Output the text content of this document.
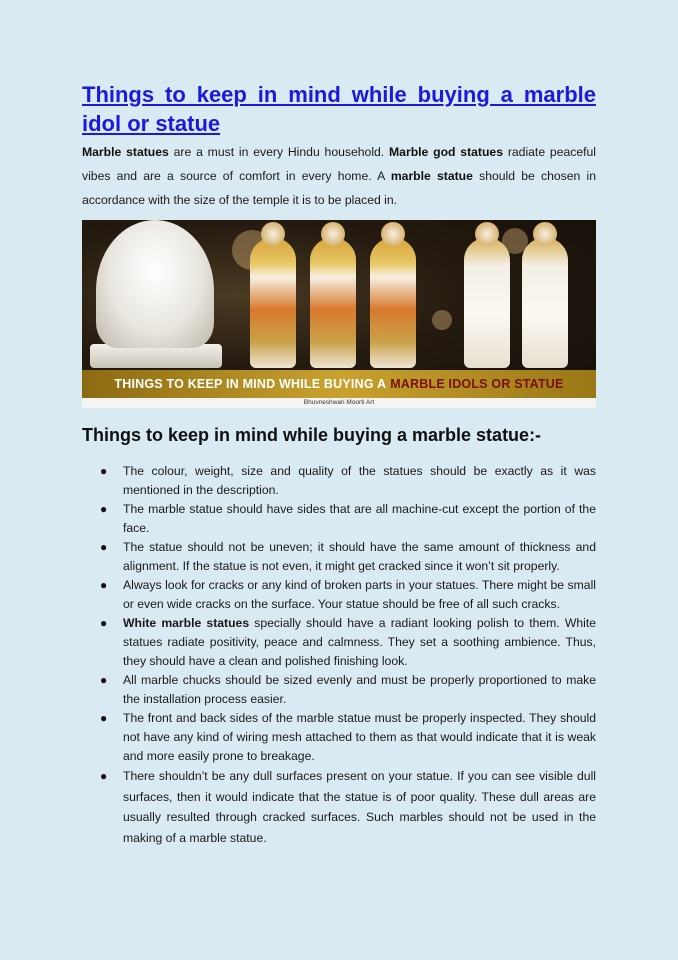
Things to keep in mind while buying a marble idol or statue

Marble statues are a must in every Hindu household. Marble god statues radiate peaceful vibes and are a source of comfort in every home. A marble statue should be chosen in accordance with the size of the temple it is to be placed in.

THINGS TO KEEP IN MIND WHILE BUYING A MARBLE IDOLS OR STATUE
Bhuvneshwari Moorti Art
Things to keep in mind while buying a marble statue:-
● The colour, weight, size and quality of the statues should be exactly as it was mentioned in the description.
● The marble statue should have sides that are all machine-cut except the portion of the face.
● The statue should not be uneven; it should have the same amount of thickness and alignment. If the statue is not even, it might get cracked since it won’t sit properly.
● Always look for cracks or any kind of broken parts in your statues. There might be small or even wide cracks on the surface. Your statue should be free of all such cracks.
● White marble statues specially should have a radiant looking polish to them. White statues radiate positivity, peace and calmness. They set a soothing ambience. Thus, they should have a clean and polished finishing look.
● All marble chucks should be sized evenly and must be properly proportioned to make the installation process easier.
● The front and back sides of the marble statue must be properly inspected. They should not have any kind of wiring mesh attached to them as that would indicate that it is weak and more easily prone to breakage.
● There shouldn’t be any dull surfaces present on your statue. If you can see visible dull surfaces, then it would indicate that the statue is of poor quality. These dull areas are usually resulted through cracked surfaces. Such marbles should not be used in the making of a marble statue.
